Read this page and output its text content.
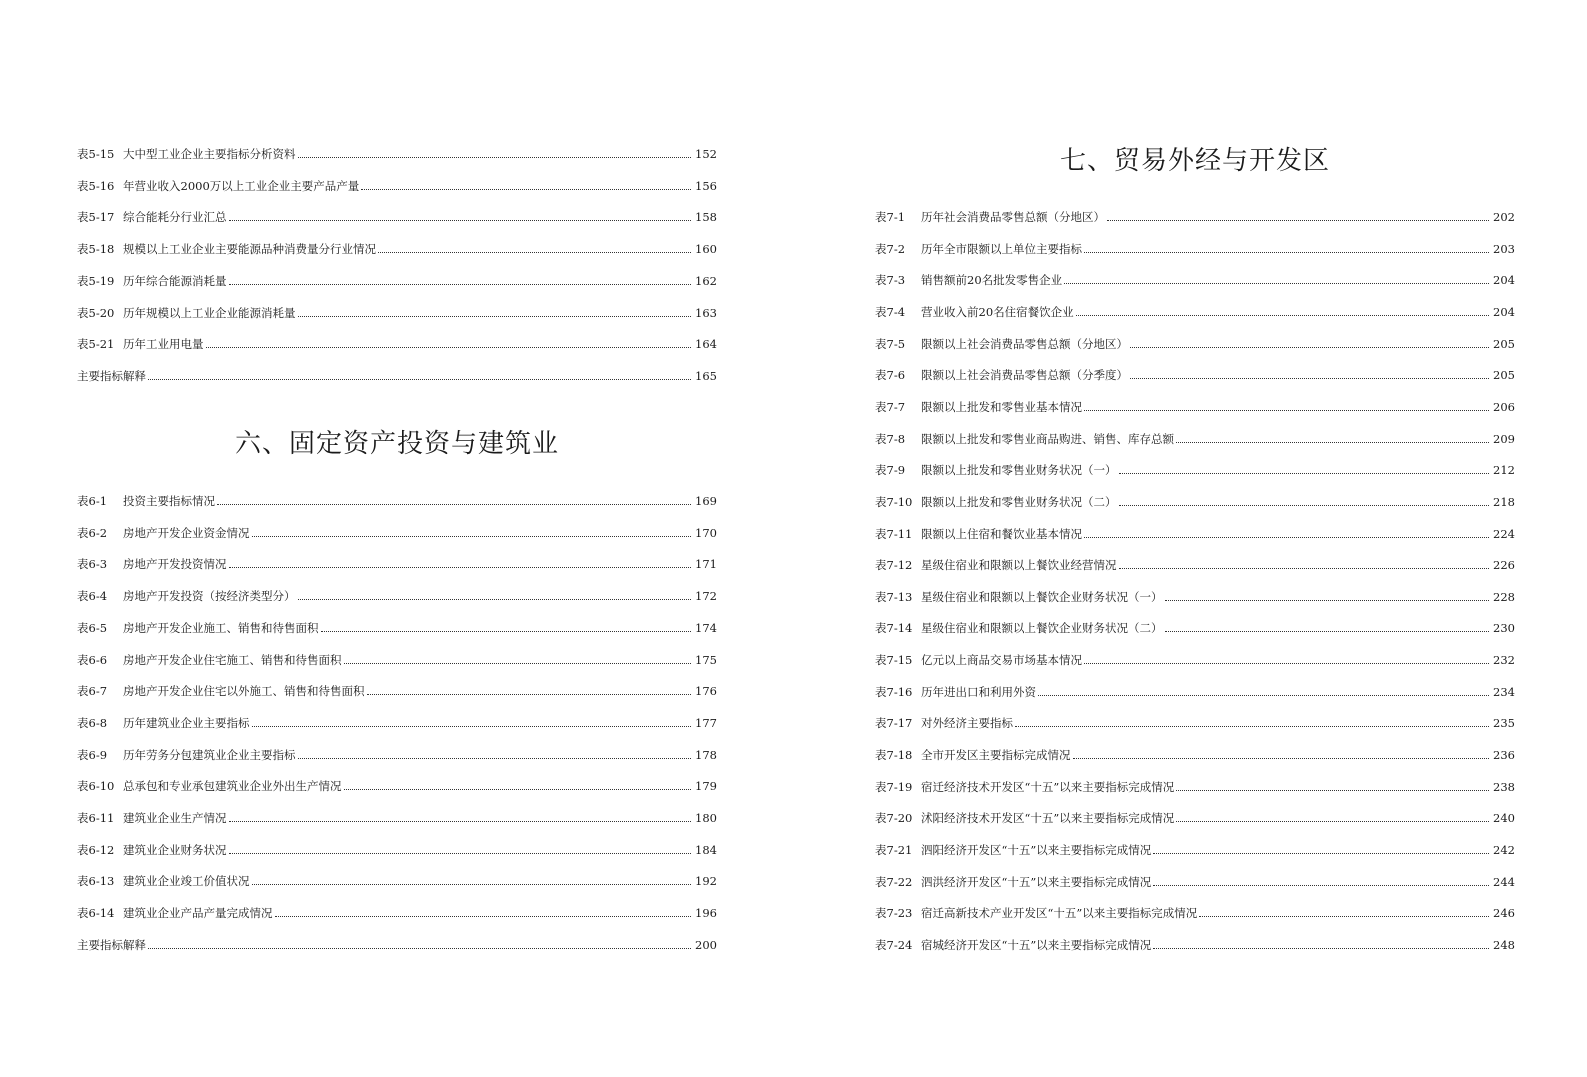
表5-15 大中型工业企业主要指标分析资料	152
表5-16 年营业收入2000万以上工业企业主要产品产量	156
表5-17 综合能耗分行业汇总	158
表5-18 规模以上工业企业主要能源品种消费量分行业情况	160
表5-19 历年综合能源消耗量	162
表5-20 历年规模以上工业企业能源消耗量	163
表5-21 历年工业用电量	164
主要指标解释	165
六、固定资产投资与建筑业
表6-1 投资主要指标情况	169
表6-2 房地产开发企业资金情况	170
表6-3 房地产开发投资情况	171
表6-4 房地产开发投资（按经济类型分）	172
表6-5 房地产开发企业施工、销售和待售面积	174
表6-6 房地产开发企业住宅施工、销售和待售面积	175
表6-7 房地产开发企业住宅以外施工、销售和待售面积	176
表6-8 历年建筑业企业主要指标	177
表6-9 历年劳务分包建筑业企业主要指标	178
表6-10 总承包和专业承包建筑业企业外出生产情况	179
表6-11 建筑业企业生产情况	180
表6-12 建筑业企业财务状况	184
表6-13 建筑业企业竣工价值状况	192
表6-14 建筑业企业产品产量完成情况	196
主要指标解释	200
七、贸易外经与开发区
表7-1 历年社会消费品零售总额（分地区）	202
表7-2 历年全市限额以上单位主要指标	203
表7-3 销售额前20名批发零售企业	204
表7-4 营业收入前20名住宿餐饮企业	204
表7-5 限额以上社会消费品零售总额（分地区）	205
表7-6 限额以上社会消费品零售总额（分季度）	205
表7-7 限额以上批发和零售业基本情况	206
表7-8 限额以上批发和零售业商品购进、销售、库存总额	209
表7-9 限额以上批发和零售业财务状况（一）	212
表7-10 限额以上批发和零售业财务状况（二）	218
表7-11 限额以上住宿和餐饮业基本情况	224
表7-12 星级住宿业和限额以上餐饮业经营情况	226
表7-13 星级住宿业和限额以上餐饮企业财务状况（一）	228
表7-14 星级住宿业和限额以上餐饮企业财务状况（二）	230
表7-15 亿元以上商品交易市场基本情况	232
表7-16 历年进出口和利用外资	234
表7-17 对外经济主要指标	235
表7-18 全市开发区主要指标完成情况	236
表7-19 宿迁经济技术开发区“十五”以来主要指标完成情况	238
表7-20 沭阳经济技术开发区“十五”以来主要指标完成情况	240
表7-21 泗阳经济开发区“十五”以来主要指标完成情况	242
表7-22 泗洪经济开发区“十五”以来主要指标完成情况	244
表7-23 宿迁高新技术产业开发区“十五”以来主要指标完成情况	246
表7-24 宿城经济开发区“十五”以来主要指标完成情况	248
